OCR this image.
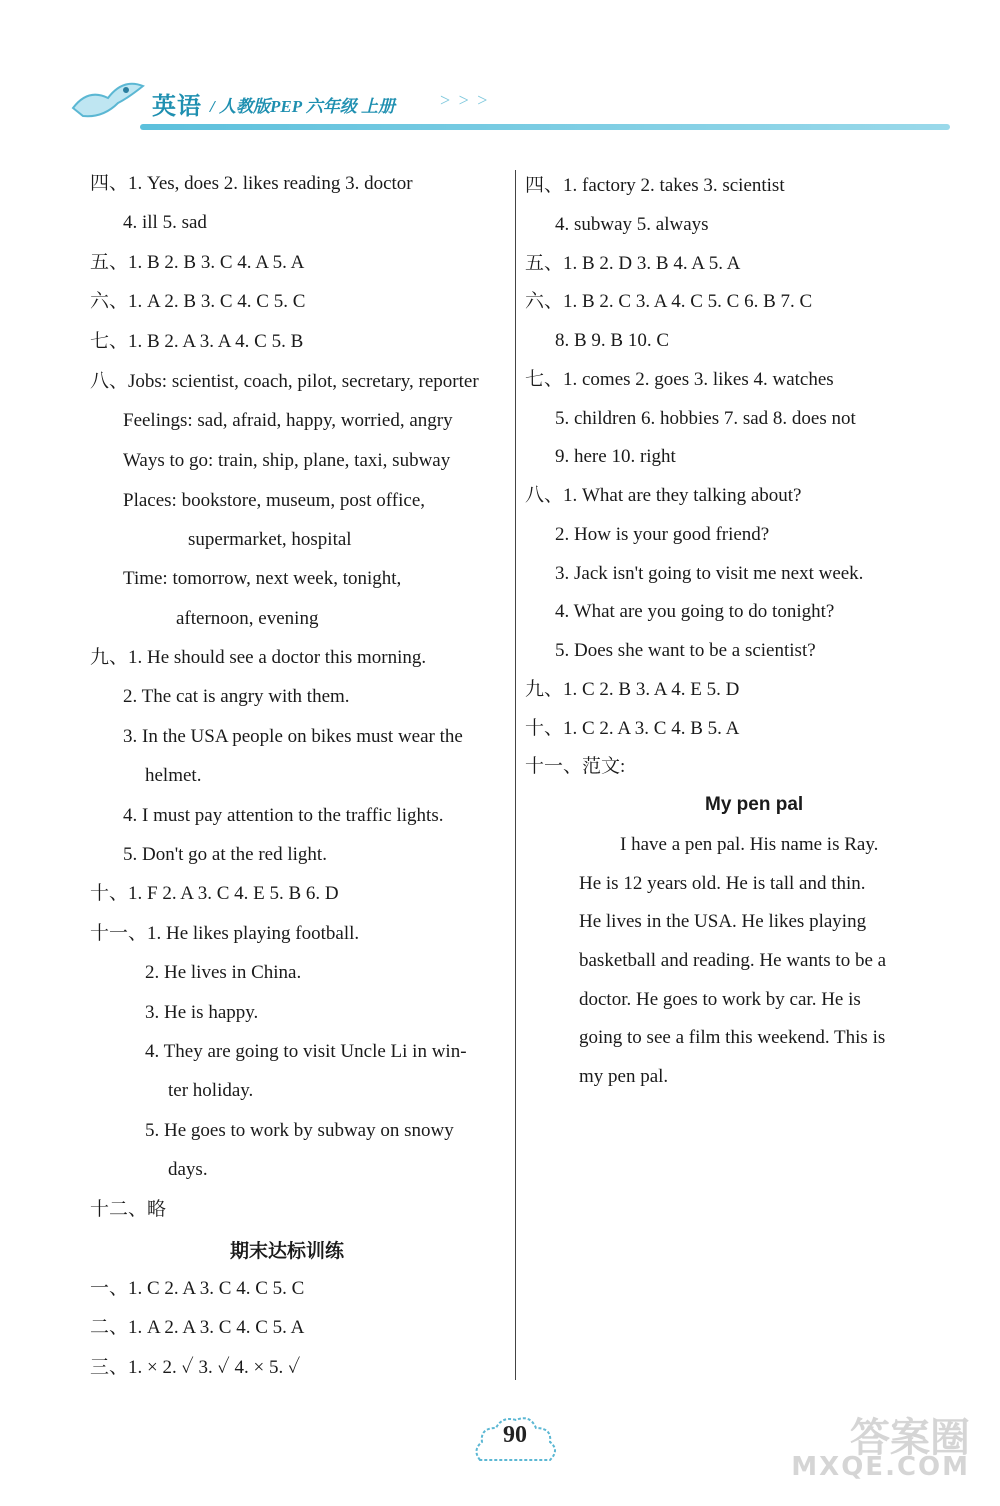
英语 / 人教版PEP 六年级 上册	> > >
四、1. Yes, does 2. likes reading 3. doctor
4. ill 5. sad
五、1. B 2. B 3. C 4. A 5. A
六、1. A 2. B 3. C 4. C 5. C
七、1. B 2. A 3. A 4. C 5. B
八、Jobs: scientist, coach, pilot, secretary, reporter
Feelings: sad, afraid, happy, worried, angry
Ways to go: train, ship, plane, taxi, subway
Places: bookstore, museum, post office,
supermarket, hospital
Time: tomorrow, next week, tonight,
afternoon, evening
九、1. He should see a doctor this morning.
2. The cat is angry with them.
3. In the USA people on bikes must wear the
helmet.
4. I must pay attention to the traffic lights.
5. Don't go at the red light.
十、1. F 2. A 3. C 4. E 5. B 6. D
十一、1. He likes playing football.
2. He lives in China.
3. He is happy.
4. They are going to visit Uncle Li in win-
ter holiday.
5. He goes to work by subway on snowy
days.
十二、略
期末达标训练
一、1. C 2. A 3. C 4. C 5. C
二、1. A 2. A 3. C 4. C 5. A
三、1. × 2. ✓ 3. ✓ 4. × 5. ✓
四、1. factory 2. takes 3. scientist
4. subway 5. always
五、1. B 2. D 3. B 4. A 5. A
六、1. B 2. C 3. A 4. C 5. C 6. B 7. C
8. B 9. B 10. C
七、1. comes 2. goes 3. likes 4. watches
5. children 6. hobbies 7. sad 8. does not
9. here 10. right
八、1. What are they talking about?
2. How is your good friend?
3. Jack isn't going to visit me next week.
4. What are you going to do tonight?
5. Does she want to be a scientist?
九、1. C 2. B 3. A 4. E 5. D
十、1. C 2. A 3. C 4. B 5. A
十一、范文:
My pen pal
I have a pen pal. His name is Ray.
He is 12 years old. He is tall and thin.
He lives in the USA. He likes playing
basketball and reading. He wants to be a
doctor. He goes to work by car. He is
going to see a film this weekend. This is
my pen pal.
90	答案圈
MXQE.COM
